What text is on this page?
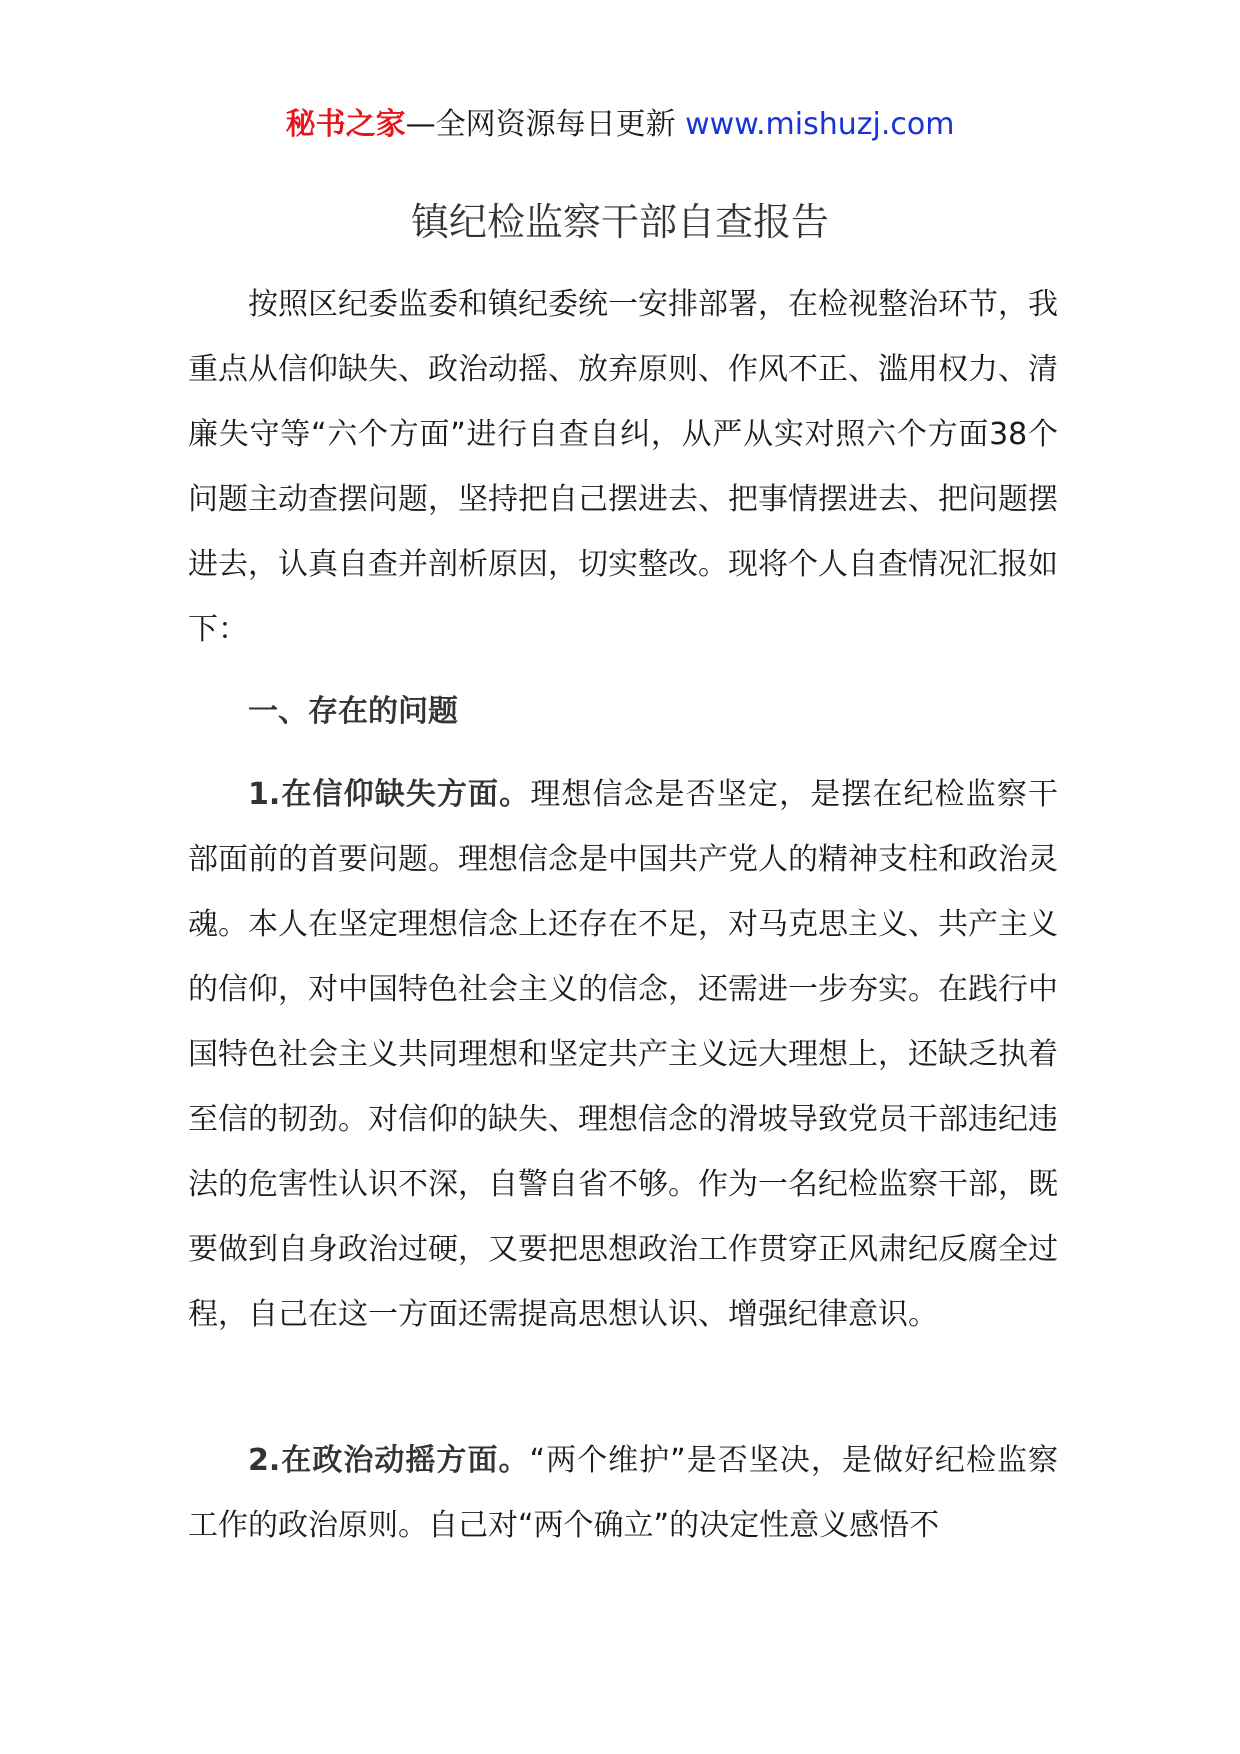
秘书之家—全网资源每日更新 www.mishuzj.com
镇纪检监察干部自查报告

按照区纪委监委和镇纪委统一安排部署，在检视整治环节，我重点从信仰缺失、政治动摇、放弃原则、作风不正、滥用权力、清廉失守等“六个方面”进行自查自纠，从严从实对照六个方面38个问题主动查摆问题，坚持把自己摆进去、把事情摆进去、把问题摆进去，认真自查并剖析原因，切实整改。现将个人自查情况汇报如下：

一、存在的问题

1.在信仰缺失方面。理想信念是否坚定，是摆在纪检监察干部面前的首要问题。理想信念是中国共产党人的精神支柱和政治灵魂。本人在坚定理想信念上还存在不足，对马克思主义、共产主义的信仰，对中国特色社会主义的信念，还需进一步夯实。在践行中国特色社会主义共同理想和坚定共产主义远大理想上，还缺乏执着至信的韧劲。对信仰的缺失、理想信念的滑坡导致党员干部违纪违法的危害性认识不深，自警自省不够。作为一名纪检监察干部，既要做到自身政治过硬，又要把思想政治工作贯穿正风肃纪反腐全过程，自己在这一方面还需提高思想认识、增强纪律意识。

2.在政治动摇方面。“两个维护”是否坚决，是做好纪检监察工作的政治原则。自己对“两个确立”的决定性意义感悟不
